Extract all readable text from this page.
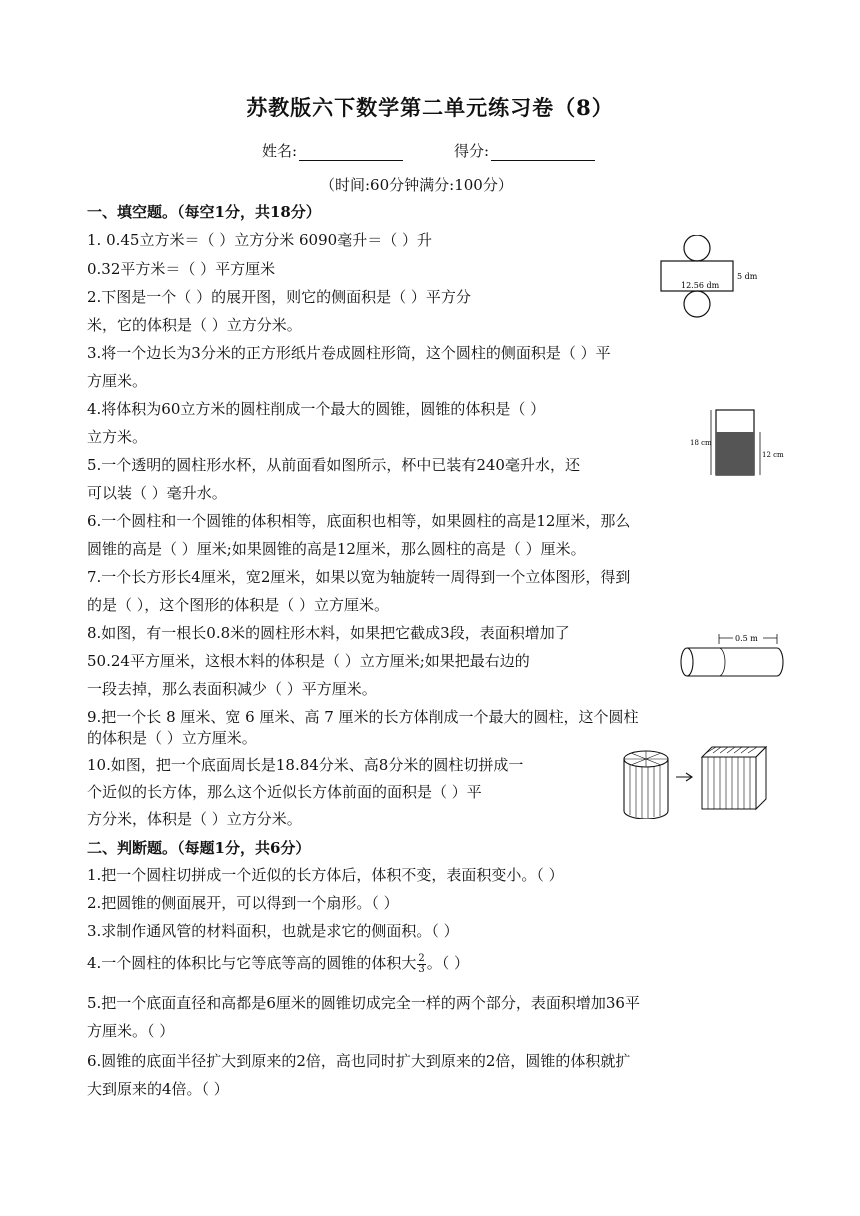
苏教版六下数学第二单元练习卷（8）
姓名:	得分:
（时间:60分钟满分:100分）
一、填空题。（每空1分，共18分）
1. 0.45立方米＝（ ）立方分米 6090毫升＝（ ）升
0.32平方米＝（ ）平方厘米
2.下图是一个（ ）的展开图，则它的侧面积是（ ）平方分
米，它的体积是（ ）立方分米。
3.将一个边长为3分米的正方形纸片卷成圆柱形筒，这个圆柱的侧面积是（ ）平
方厘米。
4.将体积为60立方米的圆柱削成一个最大的圆锥，圆锥的体积是（ ）
立方米。
5.一个透明的圆柱形水杯，从前面看如图所示，杯中已装有240毫升水，还
可以装（ ）毫升水。
6.一个圆柱和一个圆锥的体积相等，底面积也相等，如果圆柱的高是12厘米，那么
圆锥的高是（ ）厘米;如果圆锥的高是12厘米，那么圆柱的高是（ ）厘米。
7.一个长方形长4厘米，宽2厘米，如果以宽为轴旋转一周得到一个立体图形，得到
的是（ ），这个图形的体积是（ ）立方厘米。
8.如图，有一根长0.8米的圆柱形木料，如果把它截成3段，表面积增加了
50.24平方厘米，这根木料的体积是（ ）立方厘米;如果把最右边的
一段去掉，那么表面积减少（ ）平方厘米。
9.把一个长 8 厘米、宽 6 厘米、高 7 厘米的长方体削成一个最大的圆柱，这个圆柱
的体积是（ ）立方厘米。
10.如图，把一个底面周长是18.84分米、高8分米的圆柱切拼成一
个近似的长方体，那么这个近似长方体前面的面积是（ ）平
方分米，体积是（ ）立方分米。
二、判断题。（每题1分，共6分）
1.把一个圆柱切拼成一个近似的长方体后，体积不变，表面积变小。（ ）
2.把圆锥的侧面展开，可以得到一个扇形。（ ）
3.求制作通风管的材料面积，也就是求它的侧面积。（ ）
4.一个圆柱的体积比与它等底等高的圆锥的体积大 $\frac{2}{3}$ 。（ ）
5.把一个底面直径和高都是6厘米的圆锥切成完全一样的两个部分，表面积增加36平
方厘米。（ ）
6.圆锥的底面半径扩大到原来的2倍，高也同时扩大到原来的2倍，圆锥的体积就扩
大到原来的4倍。（ ）
5 dm
12.56 dm
18 cm
12 cm
0.5 m
